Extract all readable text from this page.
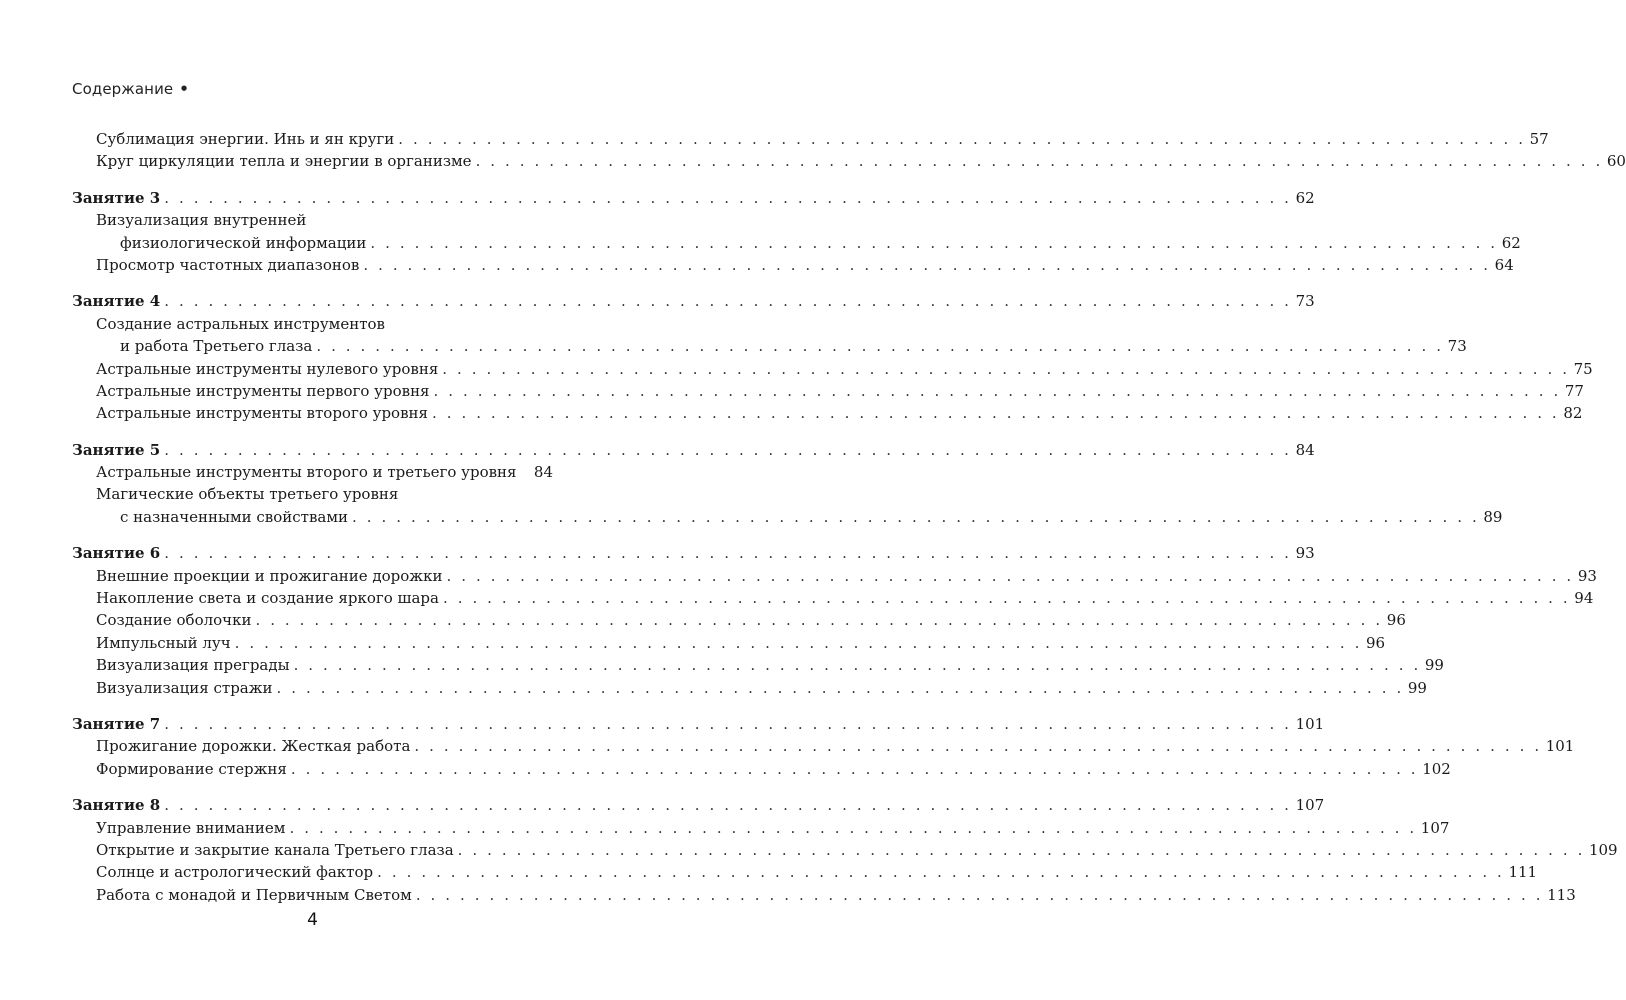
Содержание •
Сублимация энергии. Инь и ян круги . . . . . . . . . . . . . . . . . . . . . . . . . . . . . . . . . . . . . . . . . . . . . . . . . . . . . . . . . . . . . . . . . . . . . . . . . . . . . 57
Круг циркуляции тепла и энергии в организме . . . . . . . . . . . . . . . . . . . . . . . . . . . . . . . . . . . . . . . . . . . . . . . . . . . . . . . . . . . . . . . . . . . . . . . . . . . . . 60
Занятие 3 . . . . . . . . . . . . . . . . . . . . . . . . . . . . . . . . . . . . . . . . . . . . . . . . . . . . . . . . . . . . . . . . . . . . . . . . . . . . . 62
Визуализация внутренней
физиологической информации . . . . . . . . . . . . . . . . . . . . . . . . . . . . . . . . . . . . . . . . . . . . . . . . . . . . . . . . . . . . . . . . . . . . . . . . . . . . . 62
Просмотр частотных диапазонов . . . . . . . . . . . . . . . . . . . . . . . . . . . . . . . . . . . . . . . . . . . . . . . . . . . . . . . . . . . . . . . . . . . . . . . . . . . . . 64
Занятие 4 . . . . . . . . . . . . . . . . . . . . . . . . . . . . . . . . . . . . . . . . . . . . . . . . . . . . . . . . . . . . . . . . . . . . . . . . . . . . . 73
Создание астральных инструментов
и работа Третьего глаза . . . . . . . . . . . . . . . . . . . . . . . . . . . . . . . . . . . . . . . . . . . . . . . . . . . . . . . . . . . . . . . . . . . . . . . . . . . . . 73
Астральные инструменты нулевого уровня . . . . . . . . . . . . . . . . . . . . . . . . . . . . . . . . . . . . . . . . . . . . . . . . . . . . . . . . . . . . . . . . . . . . . . . . . . . . . 75
Астральные инструменты первого уровня . . . . . . . . . . . . . . . . . . . . . . . . . . . . . . . . . . . . . . . . . . . . . . . . . . . . . . . . . . . . . . . . . . . . . . . . . . . . . 77
Астральные инструменты второго уровня . . . . . . . . . . . . . . . . . . . . . . . . . . . . . . . . . . . . . . . . . . . . . . . . . . . . . . . . . . . . . . . . . . . . . . . . . . . . . 82
Занятие 5 . . . . . . . . . . . . . . . . . . . . . . . . . . . . . . . . . . . . . . . . . . . . . . . . . . . . . . . . . . . . . . . . . . . . . . . . . . . . . 84
Астральные инструменты второго и третьего уровня 84
Магические объекты третьего уровня
с назначенными свойствами . . . . . . . . . . . . . . . . . . . . . . . . . . . . . . . . . . . . . . . . . . . . . . . . . . . . . . . . . . . . . . . . . . . . . . . . . . . . . 89
Занятие 6 . . . . . . . . . . . . . . . . . . . . . . . . . . . . . . . . . . . . . . . . . . . . . . . . . . . . . . . . . . . . . . . . . . . . . . . . . . . . . 93
Внешние проекции и прожигание дорожки . . . . . . . . . . . . . . . . . . . . . . . . . . . . . . . . . . . . . . . . . . . . . . . . . . . . . . . . . . . . . . . . . . . . . . . . . . . . . 93
Накопление света и создание яркого шара . . . . . . . . . . . . . . . . . . . . . . . . . . . . . . . . . . . . . . . . . . . . . . . . . . . . . . . . . . . . . . . . . . . . . . . . . . . . . 94
Создание оболочки . . . . . . . . . . . . . . . . . . . . . . . . . . . . . . . . . . . . . . . . . . . . . . . . . . . . . . . . . . . . . . . . . . . . . . . . . . . . . 96
Импульсный луч . . . . . . . . . . . . . . . . . . . . . . . . . . . . . . . . . . . . . . . . . . . . . . . . . . . . . . . . . . . . . . . . . . . . . . . . . . . . . 96
Визуализация преграды . . . . . . . . . . . . . . . . . . . . . . . . . . . . . . . . . . . . . . . . . . . . . . . . . . . . . . . . . . . . . . . . . . . . . . . . . . . . . 99
Визуализация стражи . . . . . . . . . . . . . . . . . . . . . . . . . . . . . . . . . . . . . . . . . . . . . . . . . . . . . . . . . . . . . . . . . . . . . . . . . . . . . 99
Занятие 7 . . . . . . . . . . . . . . . . . . . . . . . . . . . . . . . . . . . . . . . . . . . . . . . . . . . . . . . . . . . . . . . . . . . . . . . . . . . . . 101
Прожигание дорожки. Жесткая работа . . . . . . . . . . . . . . . . . . . . . . . . . . . . . . . . . . . . . . . . . . . . . . . . . . . . . . . . . . . . . . . . . . . . . . . . . . . . . 101
Формирование стержня . . . . . . . . . . . . . . . . . . . . . . . . . . . . . . . . . . . . . . . . . . . . . . . . . . . . . . . . . . . . . . . . . . . . . . . . . . . . . 102
Занятие 8 . . . . . . . . . . . . . . . . . . . . . . . . . . . . . . . . . . . . . . . . . . . . . . . . . . . . . . . . . . . . . . . . . . . . . . . . . . . . . 107
Управление вниманием . . . . . . . . . . . . . . . . . . . . . . . . . . . . . . . . . . . . . . . . . . . . . . . . . . . . . . . . . . . . . . . . . . . . . . . . . . . . . 107
Открытие и закрытие канала Третьего глаза . . . . . . . . . . . . . . . . . . . . . . . . . . . . . . . . . . . . . . . . . . . . . . . . . . . . . . . . . . . . . . . . . . . . . . . . . . . . . 109
Солнце и астрологический фактор . . . . . . . . . . . . . . . . . . . . . . . . . . . . . . . . . . . . . . . . . . . . . . . . . . . . . . . . . . . . . . . . . . . . . . . . . . . . . 111
Работа с монадой и Первичным Светом . . . . . . . . . . . . . . . . . . . . . . . . . . . . . . . . . . . . . . . . . . . . . . . . . . . . . . . . . . . . . . . . . . . . . . . . . . . . . 113
4
